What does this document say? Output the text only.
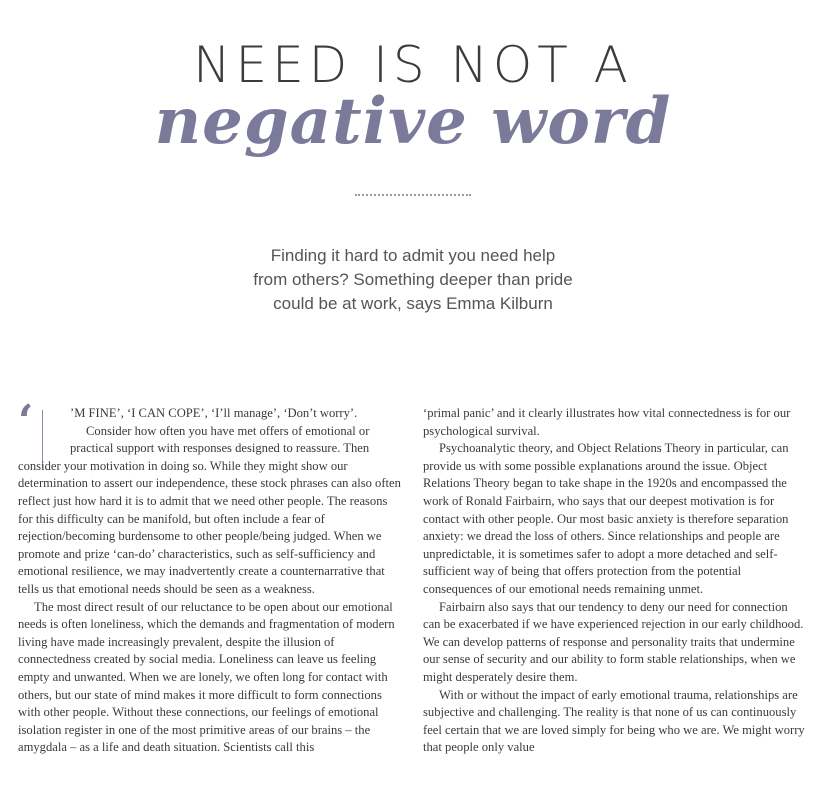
NEED IS NOT A
negative word
Finding it hard to admit you need help
from others? Something deeper than pride
could be at work, says Emma Kilburn
‘	’M FINE’, ‘I CAN COPE’, ‘I’ll manage’, ‘Don’t worry’.

Consider how often you have met offers of emotional or practical support with responses designed to reassure. Then consider your motivation in doing so. While they might show our determination to assert our independence, these stock phrases can also often reflect just how hard it is to admit that we need other people. The reasons for this difficulty can be manifold, but often include a fear of rejection/becoming burdensome to other people/being judged. When we promote and prize ‘can-do’ characteristics, such as self-sufficiency and emotional resilience, we may inadvertently create a counternarrative that tells us that emotional needs should be seen as a weakness.

The most direct result of our reluctance to be open about our emotional needs is often loneliness, which the demands and fragmentation of modern living have made increasingly prevalent, despite the illusion of connectedness created by social media. Loneliness can leave us feeling empty and unwanted. When we are lonely, we often long for contact with others, but our state of mind makes it more difficult to form connections with other people. Without these connections, our feelings of emotional isolation register in one of the most primitive areas of our brains – the amygdala – as a life and death situation. Scientists call this

‘primal panic’ and it clearly illustrates how vital connectedness is for our psychological survival.

Psychoanalytic theory, and Object Relations Theory in particular, can provide us with some possible explanations around the issue. Object Relations Theory began to take shape in the 1920s and encompassed the work of Ronald Fairbairn, who says that our deepest motivation is for contact with other people. Our most basic anxiety is therefore separation anxiety: we dread the loss of others. Since relationships and people are unpredictable, it is sometimes safer to adopt a more detached and self-sufficient way of being that offers protection from the potential consequences of our emotional needs remaining unmet.

Fairbairn also says that our tendency to deny our need for connection can be exacerbated if we have experienced rejection in our early childhood. We can develop patterns of response and personality traits that undermine our sense of security and our ability to form stable relationships, when we might desperately desire them.

With or without the impact of early emotional trauma, relationships are subjective and challenging. The reality is that none of us can continuously feel certain that we are loved simply for being who we are. We might worry that people only value
